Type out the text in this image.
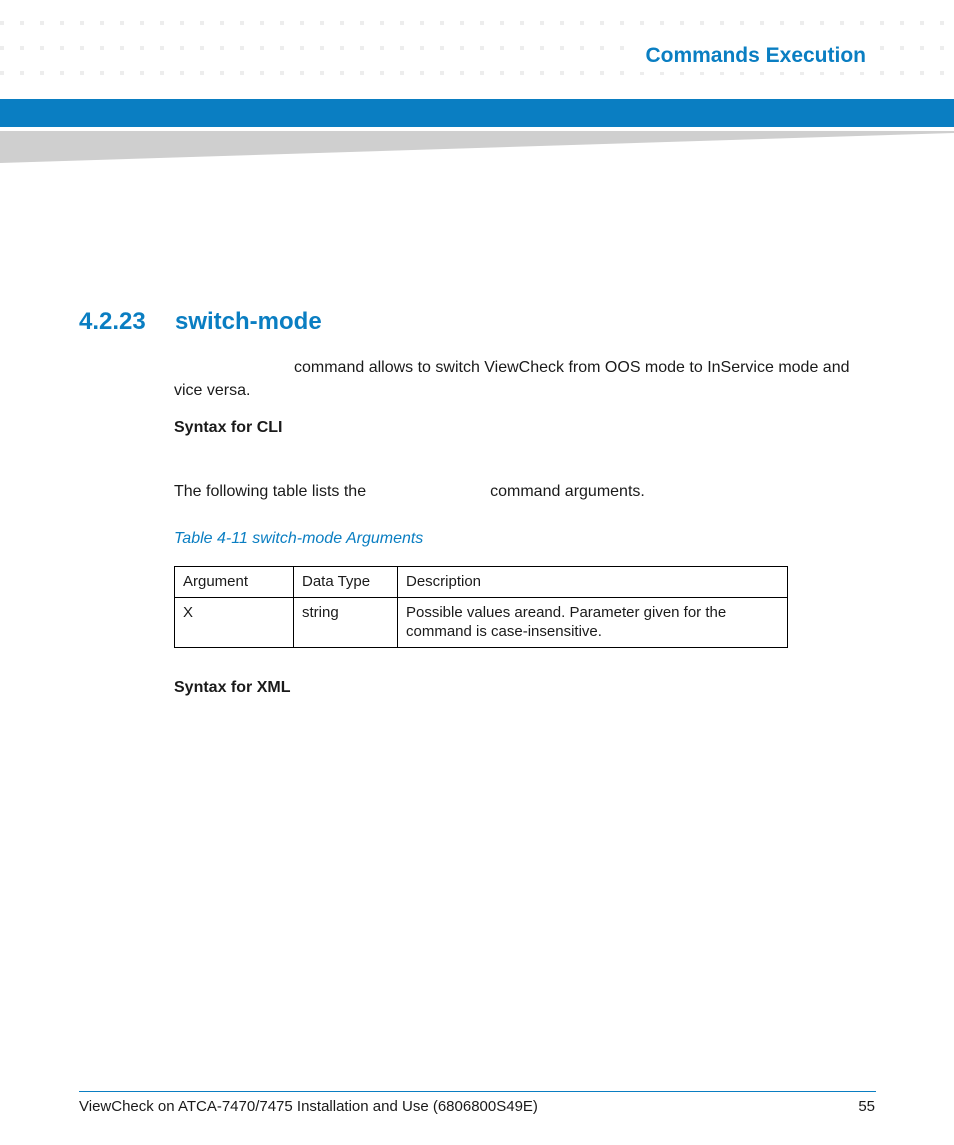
Commands Execution
4.2.23 switch-mode
command allows to switch ViewCheck from OOS mode to InService mode and vice versa.
Syntax for CLI
The following table lists the	command arguments.
Table 4-11 switch-mode Arguments
Argument	Data Type	Description
X	string	Possible values areand. Parameter given for the command is case-insensitive.
Syntax for XML
ViewCheck on ATCA-7470/7475 Installation and Use (6806800S49E)	55
